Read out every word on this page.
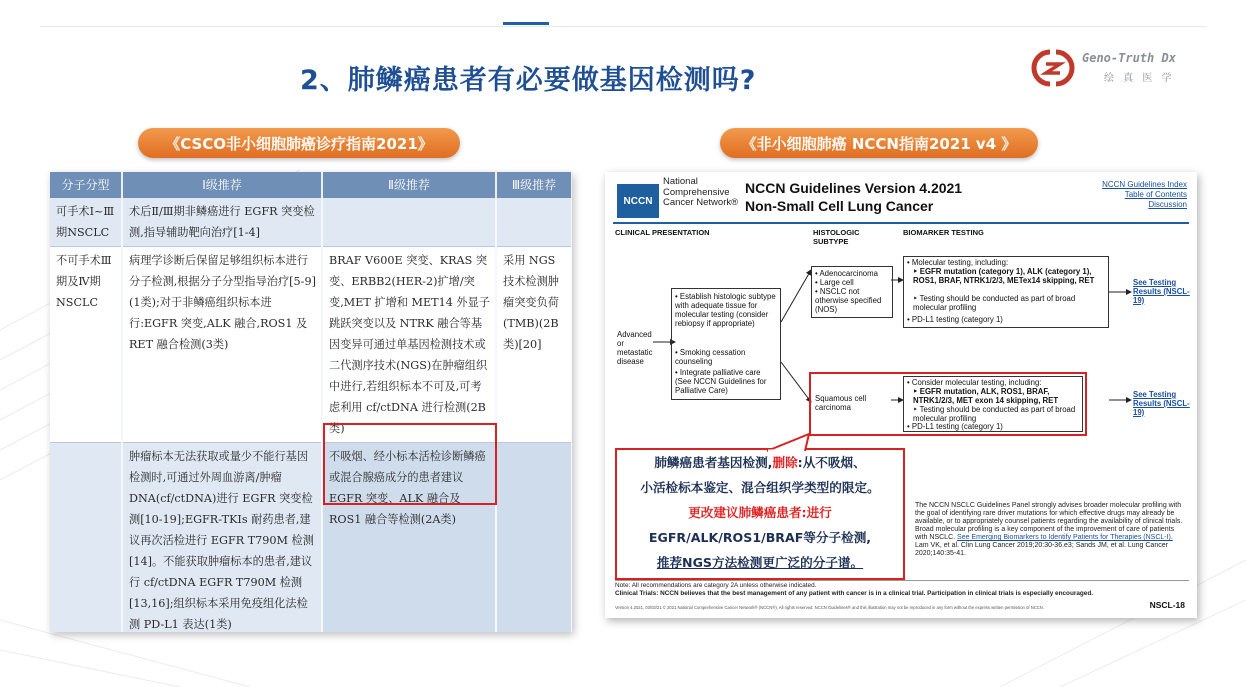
2、肺鳞癌患者有必要做基因检测吗?
Geno-Truth Dx
绘 真 医 学
《CSCO非小细胞肺癌诊疗指南2021》	《非小细胞肺癌 NCCN指南2021 v4 》
分子分型	Ⅰ级推荐	Ⅱ级推荐	Ⅲ级推荐
可手术Ⅰ~Ⅲ期NSCLC	术后Ⅱ/Ⅲ期非鳞癌进行 EGFR 突变检测,指导辅助靶向治疗[1-4]		
不可手术Ⅲ期及Ⅳ期NSCLC	病理学诊断后保留足够组织标本进行分子检测,根据分子分型指导治疗[5-9](1类);对于非鳞癌组织标本进行:EGFR 突变,ALK 融合,ROS1 及 RET 融合检测(3类)	BRAF V600E 突变、KRAS 突变、ERBB2(HER-2)扩增/突变,MET 扩增和 MET14 外显子跳跃突变以及 NTRK 融合等基因变异可通过单基因检测技术或二代测序技术(NGS)在肿瘤组织中进行,若组织标本不可及,可考虑利用 cf/ctDNA 进行检测(2B类)	采用 NGS 技术检测肿瘤突变负荷(TMB)(2B类)[20]
	肿瘤标本无法获取或量少不能行基因检测时,可通过外周血游离/肿瘤 DNA(cf/ctDNA)进行 EGFR 突变检测[10-19];EGFR-TKIs 耐药患者,建议再次活检进行 EGFR T790M 检测[14]。不能获取肿瘤标本的患者,建议行 cf/ctDNA EGFR T790M 检测[13,16];组织标本采用免疫组化法检测 PD-L1 表达(1类)	不吸烟、经小标本活检诊断鳞癌或混合腺癌成分的患者建议 EGFR 突变、ALK 融合及 ROS1 融合等检测(2A类)	
NCCN
National Comprehensive Cancer Network®
NCCN Guidelines Version 4.2021
Non-Small Cell Lung Cancer
NCCN Guidelines Index
Table of Contents
Discussion
CLINICAL PRESENTATION	HISTOLOGIC SUBTYPE
BIOMARKER TESTING
Advanced or metastatic disease
• Establish histologic subtype with adequate tissue for molecular testing (consider rebiopsy if appropriate)
• Smoking cessation counseling
• Integrate palliative care (See NCCN Guidelines for Palliative Care)
• Adenocarcinoma
• Large cell
• NSCLC not otherwise specified (NOS)
• Molecular testing, including:
‣ EGFR mutation (category 1), ALK (category 1), ROS1, BRAF, NTRK1/2/3, METex14 skipping, RET
‣ Testing should be conducted as part of broad molecular profiling
• PD-L1 testing (category 1)
See Testing Results (NSCL-19)
Squamous cell carcinoma
• Consider molecular testing, including:
‣ EGFR mutation, ALK, ROS1, BRAF, NTRK1/2/3, MET exon 14 skipping, RET
‣ Testing should be conducted as part of broad molecular profiling
• PD-L1 testing (category 1)
See Testing Results (NSCL-19)
肺鳞癌患者基因检测,删除:从不吸烟、
小活检标本鉴定、混合组织学类型的限定。
更改建议肺鳞癌患者:进行
EGFR/ALK/ROS1/BRAF等分子检测,
推荐NGS方法检测更广泛的分子谱。
The NCCN NSCLC Guidelines Panel strongly advises broader molecular profiling with the goal of identifying rare driver mutations for which effective drugs may already be available, or to appropriately counsel patients regarding the availability of clinical trials. Broad molecular profiling is a key component of the improvement of care of patients with NSCLC. See Emerging Biomarkers to Identify Patients for Therapies (NSCL-I).
Lam VK, et al. Clin Lung Cancer 2019;20:30-36.e3; Sands JM, et al. Lung Cancer 2020;140:35-41.
Note: All recommendations are category 2A unless otherwise indicated.
Clinical Trials: NCCN believes that the best management of any patient with cancer is in a clinical trial. Participation in clinical trials is especially encouraged.
Version 4.2021, 03/03/21 © 2021 National Comprehensive Cancer Network® (NCCN®), All rights reserved. NCCN Guidelines® and this illustration may not be reproduced in any form without the express written permission of NCCN.	NSCL-18
